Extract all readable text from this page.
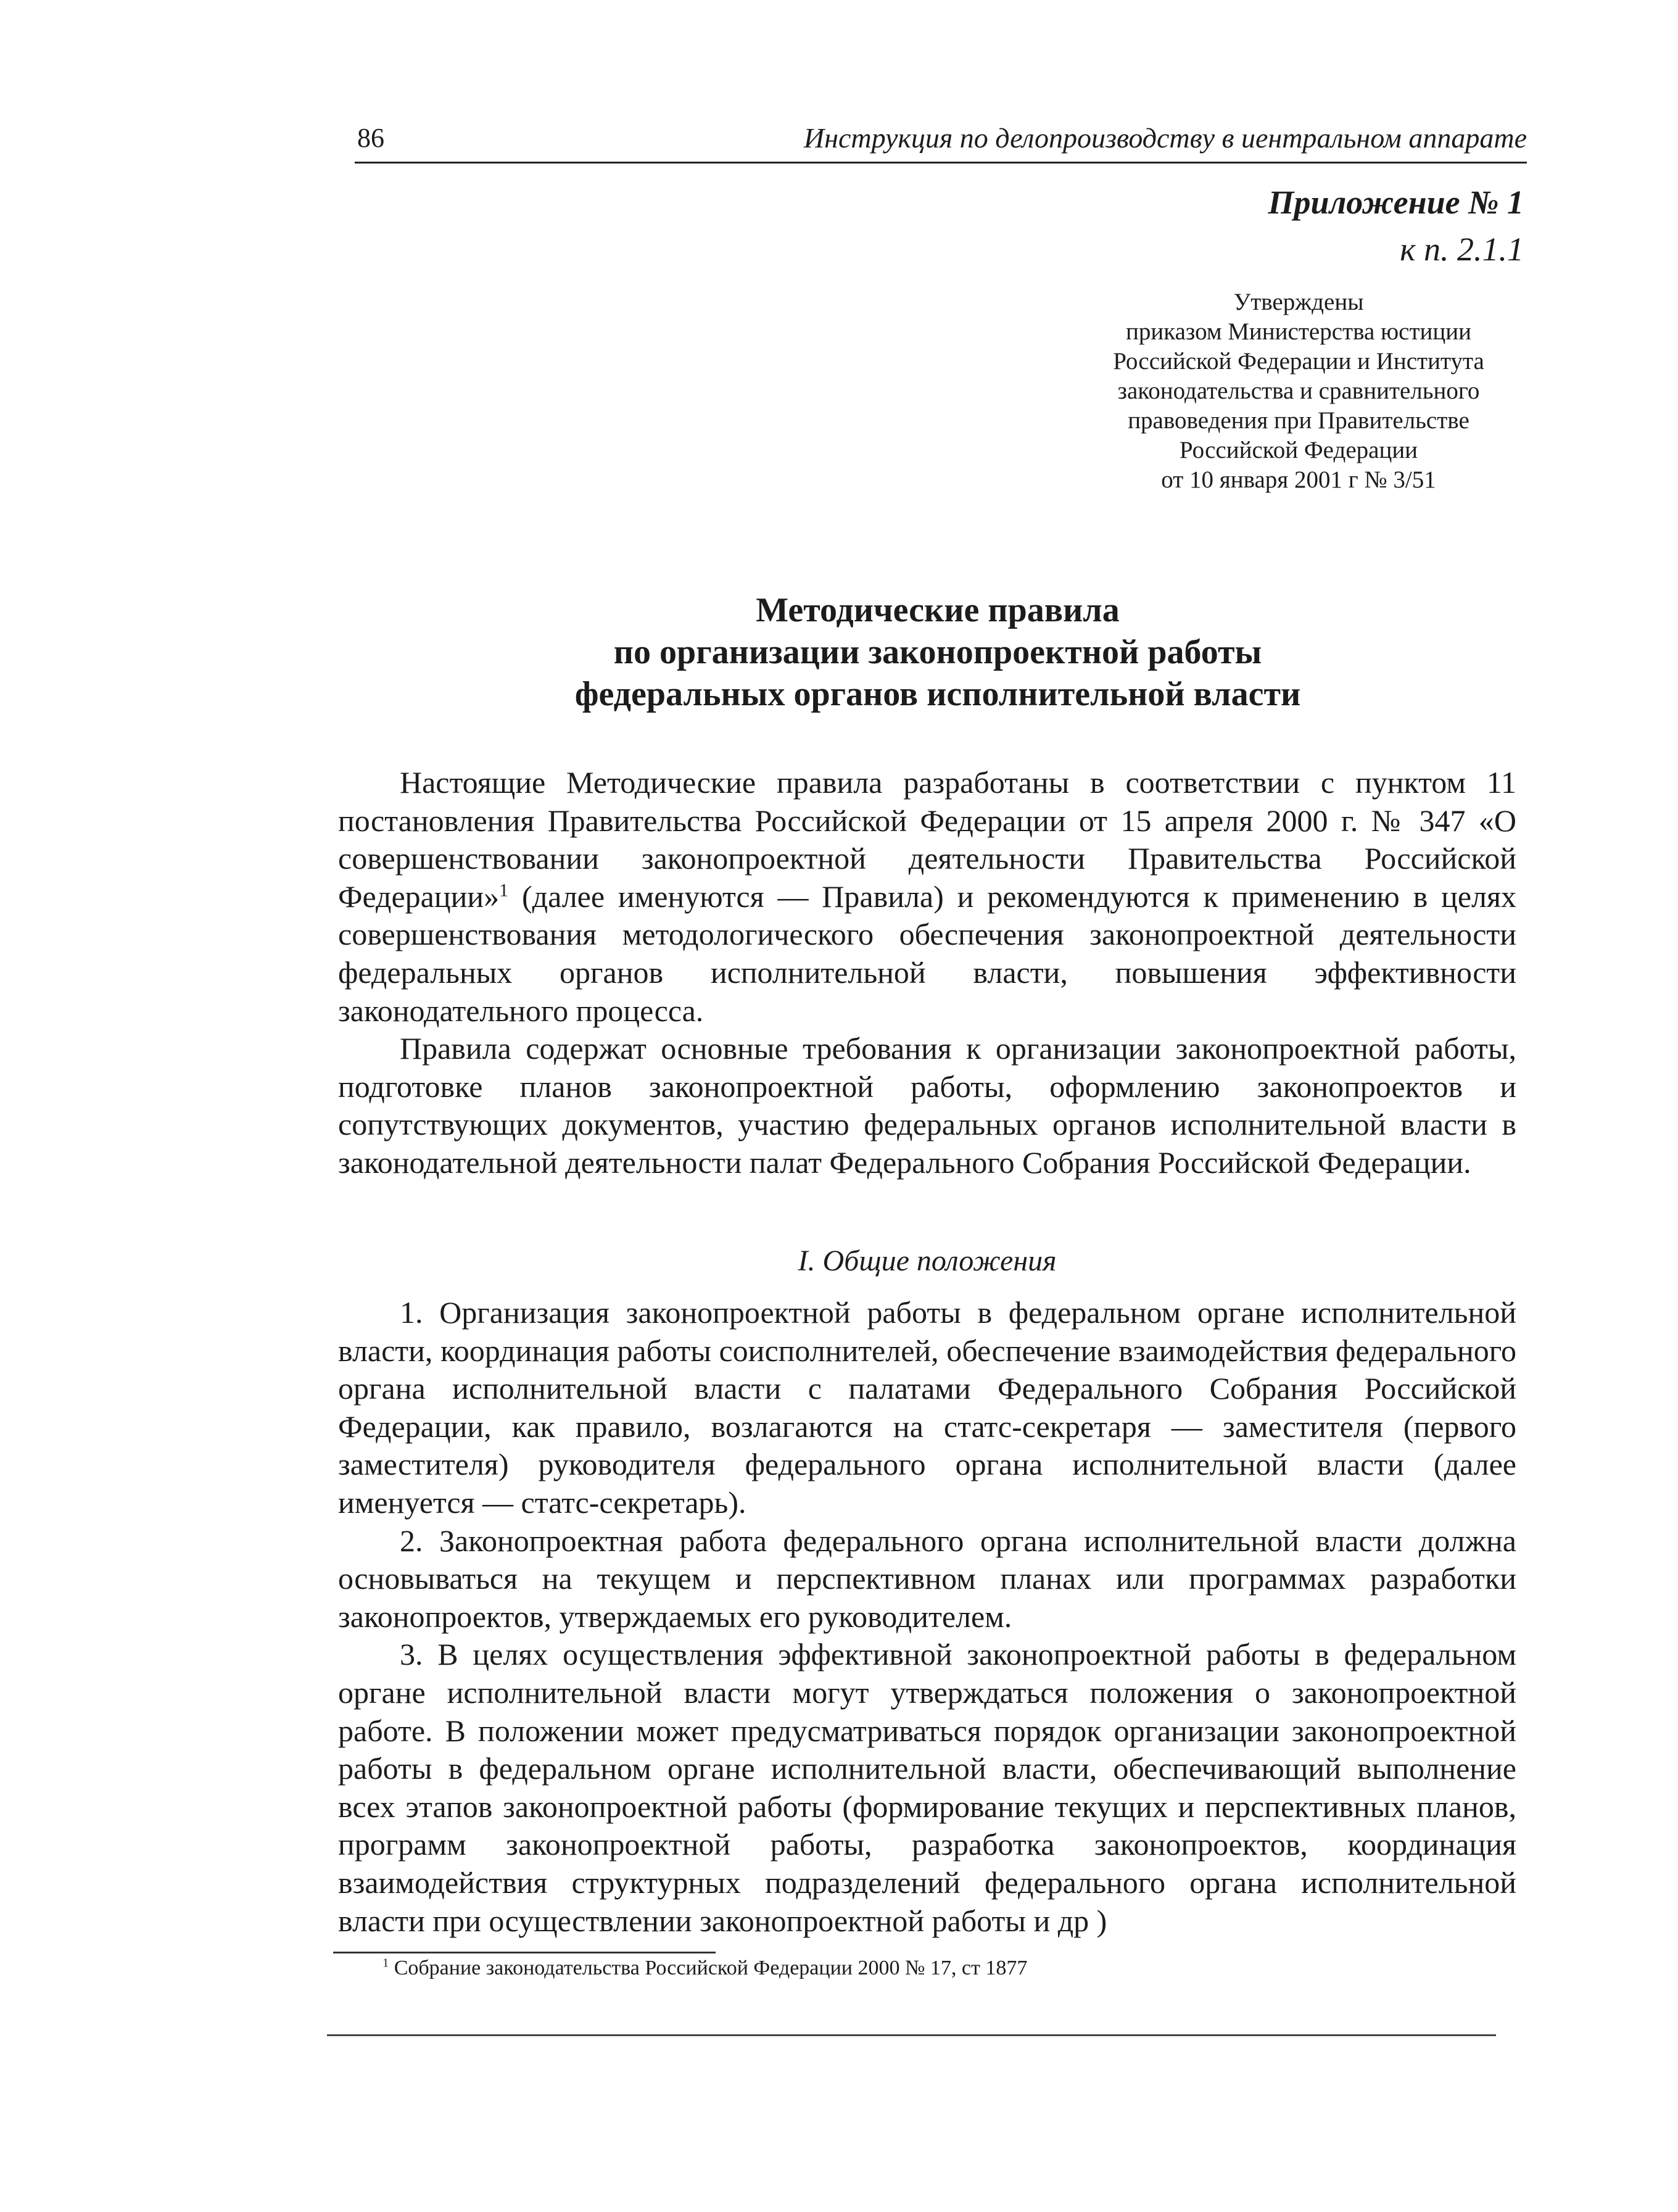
86	Инструкция по делопроизводству в иентральном аппарате
Приложение № 1
к п. 2.1.1
Утверждены
приказом Министерства юстиции
Российской Федерации и Института
законодательства и сравнительного
правоведения при Правительстве
Российской Федерации
от 10 января 2001 г № 3/51
Методические правила
по организации законопроектной работы
федеральных органов исполнительной власти

Настоящие Методические правила разработаны в соответствии с пунктом 11 постановления Правительства Российской Федерации от 15 апреля 2000 г. № 347 «О совершенствовании законопроектной деятельности Правительства Российской Федерации»$^1$ (далее именуются — Правила) и рекомендуются к применению в целях совершенствования методологического обеспечения законопроектной деятельности федеральных органов исполнительной власти, повышения эффективности законодательного процесса.

Правила содержат основные требования к организации законопроектной работы, подготовке планов законопроектной работы, оформлению законопроектов и сопутствующих документов, участию федеральных органов исполнительной власти в законодательной деятельности палат Федерального Собрания Российской Федерации.

I. Общие положения

1. Организация законопроектной работы в федеральном органе исполнительной власти, координация работы соисполнителей, обеспечение взаимодействия федерального органа исполнительной власти с палатами Федерального Собрания Российской Федерации, как правило, возлагаются на статс-секретаря — заместителя (первого заместителя) руководителя федерального органа исполнительной власти (далее именуется — статс-секретарь).

2. Законопроектная работа федерального органа исполнительной власти должна основываться на текущем и перспективном планах или программах разработки законопроектов, утверждаемых его руководителем.

3. В целях осуществления эффективной законопроектной работы в федеральном органе исполнительной власти могут утверждаться положения о законопроектной работе. В положении может предусматриваться порядок организации законопроектной работы в федеральном органе исполнительной власти, обеспечивающий выполнение всех этапов законопроектной работы (формирование текущих и перспективных планов, программ законопроектной работы, разработка законопроектов, координация взаимодействия структурных подразделений федерального органа исполнительной власти при осуществлении законопроектной работы и др )

$^1$ Собрание законодательства Российской Федерации 2000 № 17, ст 1877
